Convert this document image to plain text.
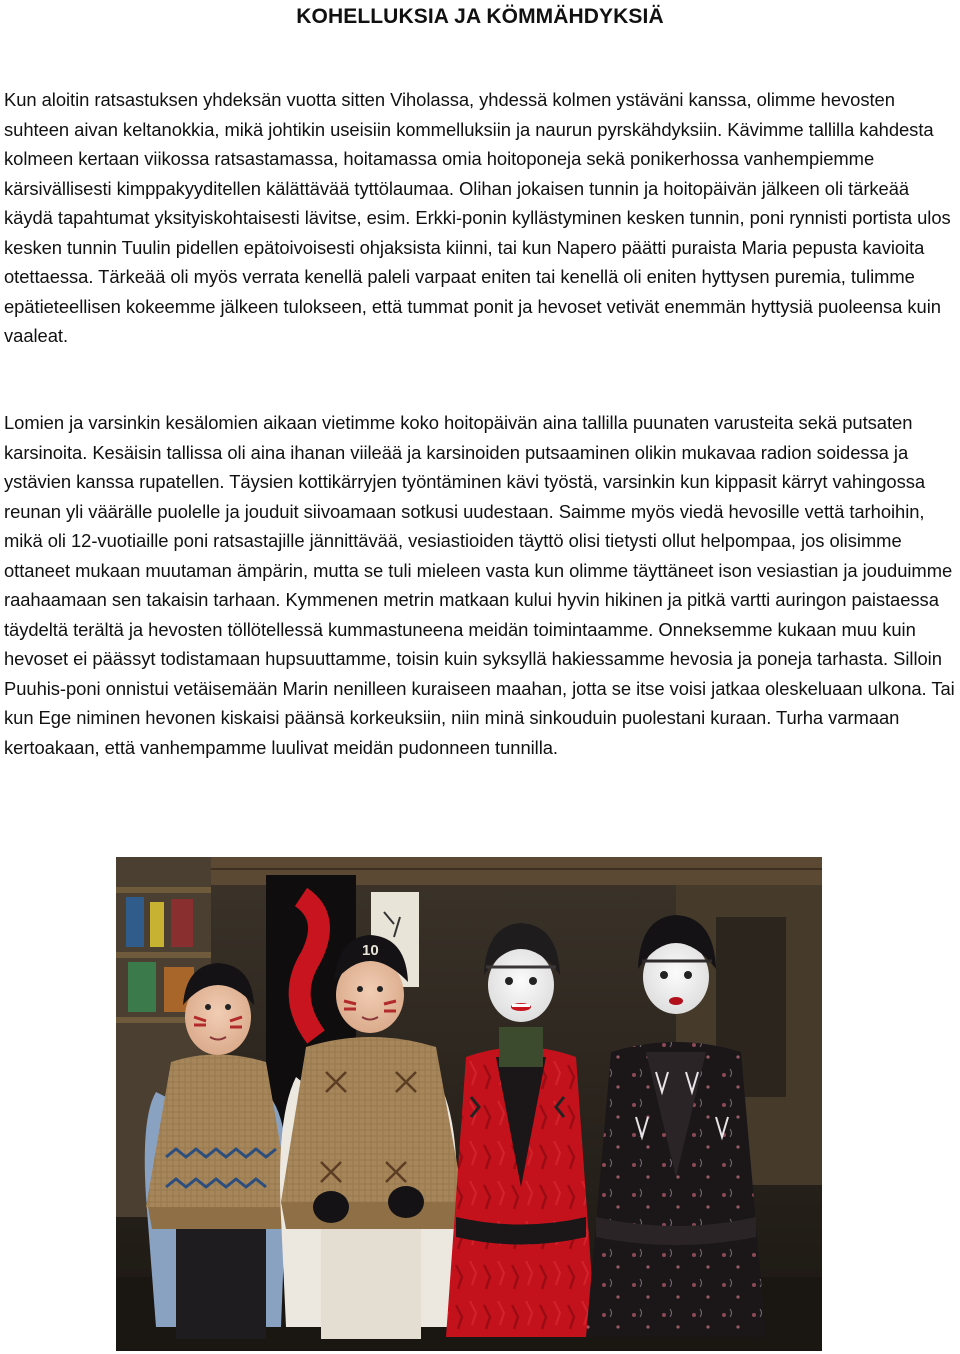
KOHELLUKSIA JA KÖMMÄHDYKSIÄ

Kun aloitin ratsastuksen yhdeksän vuotta sitten Viholassa, yhdessä kolmen ystäväni kanssa, olimme hevosten suhteen aivan keltanokkia, mikä johtikin useisiin kommelluksiin ja naurun pyrskähdyksiin. Kävimme tallilla kahdesta kolmeen kertaan viikossa ratsastamassa, hoitamassa omia hoitoponeja sekä ponikerhossa vanhempiemme kärsivällisesti kimppakyyditellen kälättävää tyttölaumaa. Olihan jokaisen tunnin ja hoitopäivän jälkeen oli tärkeää käydä tapahtumat yksityiskohtaisesti lävitse, esim. Erkki-ponin kyllästyminen kesken tunnin, poni rynnisti portista ulos kesken tunnin Tuulin pidellen epätoivoisesti ohjaksista kiinni, tai kun Napero päätti puraista Maria pepusta kavioita otettaessa. Tärkeää oli myös verrata kenellä paleli varpaat eniten tai kenellä oli eniten hyttysen puremia, tulimme epätieteellisen kokeemme jälkeen tulokseen, että tummat ponit ja hevoset vetivät enemmän hyttysiä puoleensa kuin vaaleat.

Lomien ja varsinkin kesälomien aikaan vietimme koko hoitopäivän aina tallilla puunaten varusteita sekä putsaten karsinoita. Kesäisin tallissa oli aina ihanan viileää ja karsinoiden putsaaminen olikin mukavaa radion soidessa ja ystävien kanssa rupatellen. Täysien kottikärryjen työntäminen kävi työstä, varsinkin kun kippasit kärryt vahingossa reunan yli väärälle puolelle ja jouduit siivoamaan sotkusi uudestaan. Saimme myös viedä hevosille vettä tarhoihin, mikä oli 12-vuotiaille poni ratsastajille jännittävää, vesiastioiden täyttö olisi tietysti ollut helpompaa, jos olisimme ottaneet mukaan muutaman ämpärin, mutta se tuli mieleen vasta kun olimme täyttäneet ison vesiastian ja jouduimme raahaamaan sen takaisin tarhaan. Kymmenen metrin matkaan kului hyvin hikinen ja pitkä vartti auringon paistaessa täydeltä terältä ja hevosten töllötellessä kummastuneena meidän toimintaamme. Onneksemme kukaan muu kuin hevoset ei päässyt todistamaan hupsuuttamme, toisin kuin syksyllä hakiessamme hevosia ja poneja tarhasta. Silloin Puuhis-poni onnistui vetäisemään Marin nenilleen kuraiseen maahan, jotta se itse voisi jatkaa oleskeluaan ulkona. Tai kun Ege niminen hevonen kiskaisi päänsä korkeuksiin, niin minä sinkouduin puolestani kuraan. Turha varmaan kertoakaan, että vanhempamme luulivat meidän pudonneen tunnilla.

10
